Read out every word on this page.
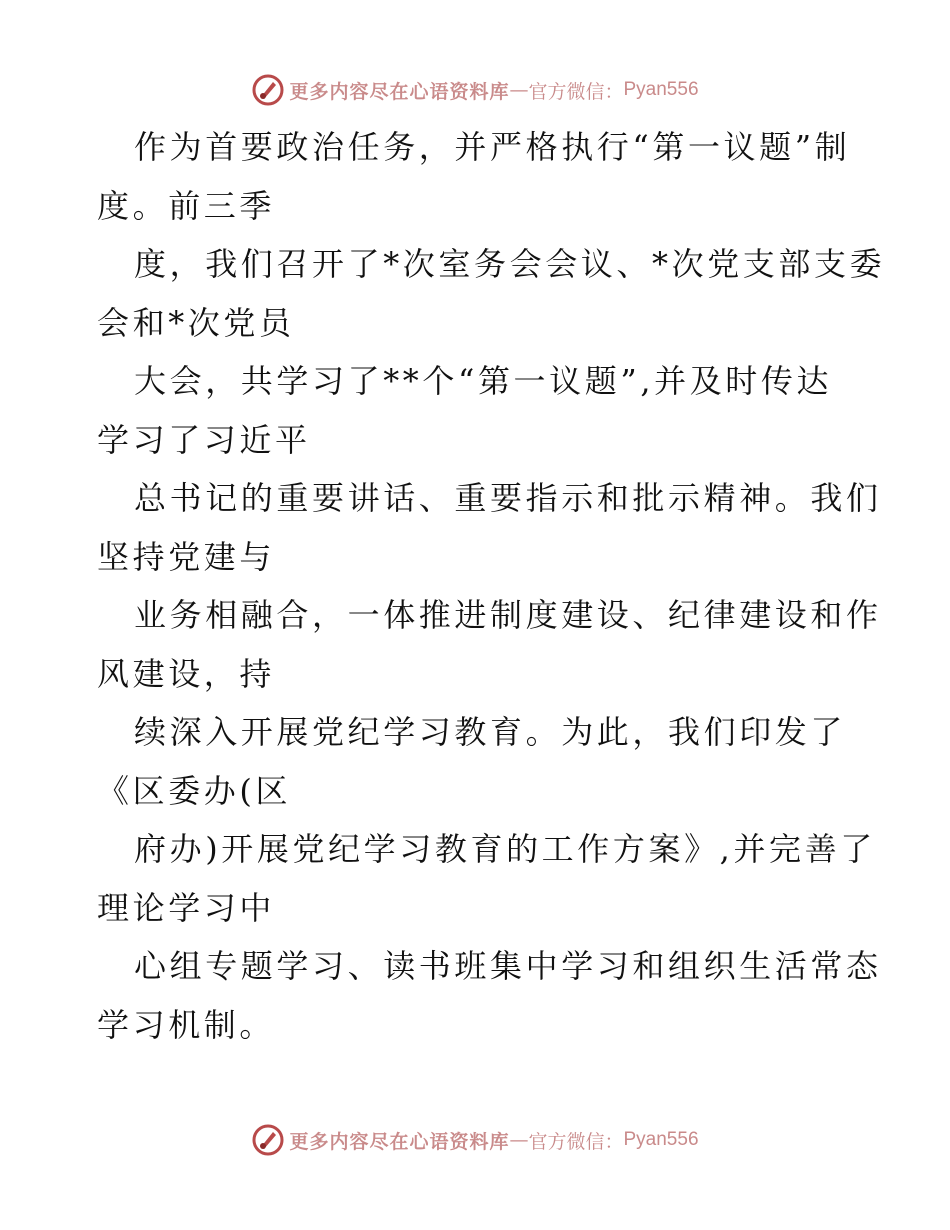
更多内容尽在心语资料库 — 官方微信： Pyan556
作为首要政治任务，并严格执行“第一议题”制
度。前三季
度，我们召开了*次室务会会议、*次党支部支委
会和*次党员
大会，共学习了**个“第一议题”,并及时传达
学习了习近平
总书记的重要讲话、重要指示和批示精神。我们
坚持党建与
业务相融合，一体推进制度建设、纪律建设和作
风建设，持
续深入开展党纪学习教育。为此，我们印发了
《区委办(区
府办)开展党纪学习教育的工作方案》,并完善了
理论学习中
心组专题学习、读书班集中学习和组织生活常态
学习机制。
更多内容尽在心语资料库 — 官方微信： Pyan556
